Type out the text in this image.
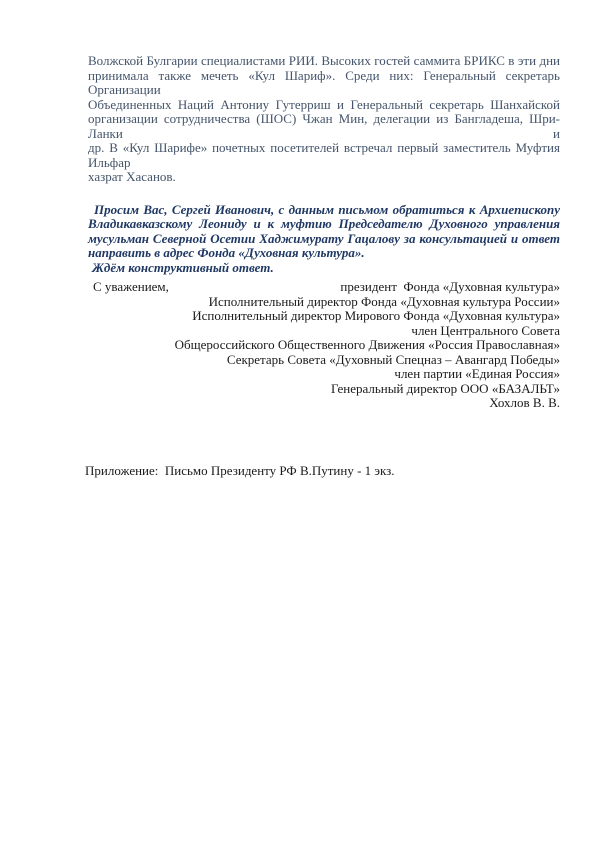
Волжской Булгарии специалистами РИИ. Высоких гостей саммита БРИКС в эти дни
принимала также мечеть «Кул Шариф». Среди них: Генеральный секретарь Организации
Объединенных Наций Антониу Гутерриш и Генеральный секретарь Шанхайской
организации сотрудничества (ШОС) Чжан Мин, делегации из Бангладеша, Шри-Ланки и
др. В «Кул Шарифе» почетных посетителей встречал первый заместитель Муфтия Ильфар
хазрат Хасанов.
Просим Вас, Сергей Иванович, с данным письмом обратиться к Архиепископу
Владикавказскому Леониду и к муфтию Председателю Духовного управления
мусульман Северной Осетии Хаджимурату Гацалову за консультацией и ответ
направить в адрес Фонда «Духовная культура».
Ждём конструктивный ответ.
С уважением,	президент  Фонда «Духовная культура»
Исполнительный директор Фонда «Духовная культура России»
Исполнительный директор Мирового Фонда «Духовная культура»
член Центрального Совета
Общероссийского Общественного Движения «Россия Православная»
Секретарь Совета «Духовный Спецназ – Авангард Победы»
член партии «Единая Россия»
Генеральный директор ООО «БАЗАЛЬТ»
Хохлов В. В.
Приложение:  Письмо Президенту РФ В.Путину - 1 экз.
